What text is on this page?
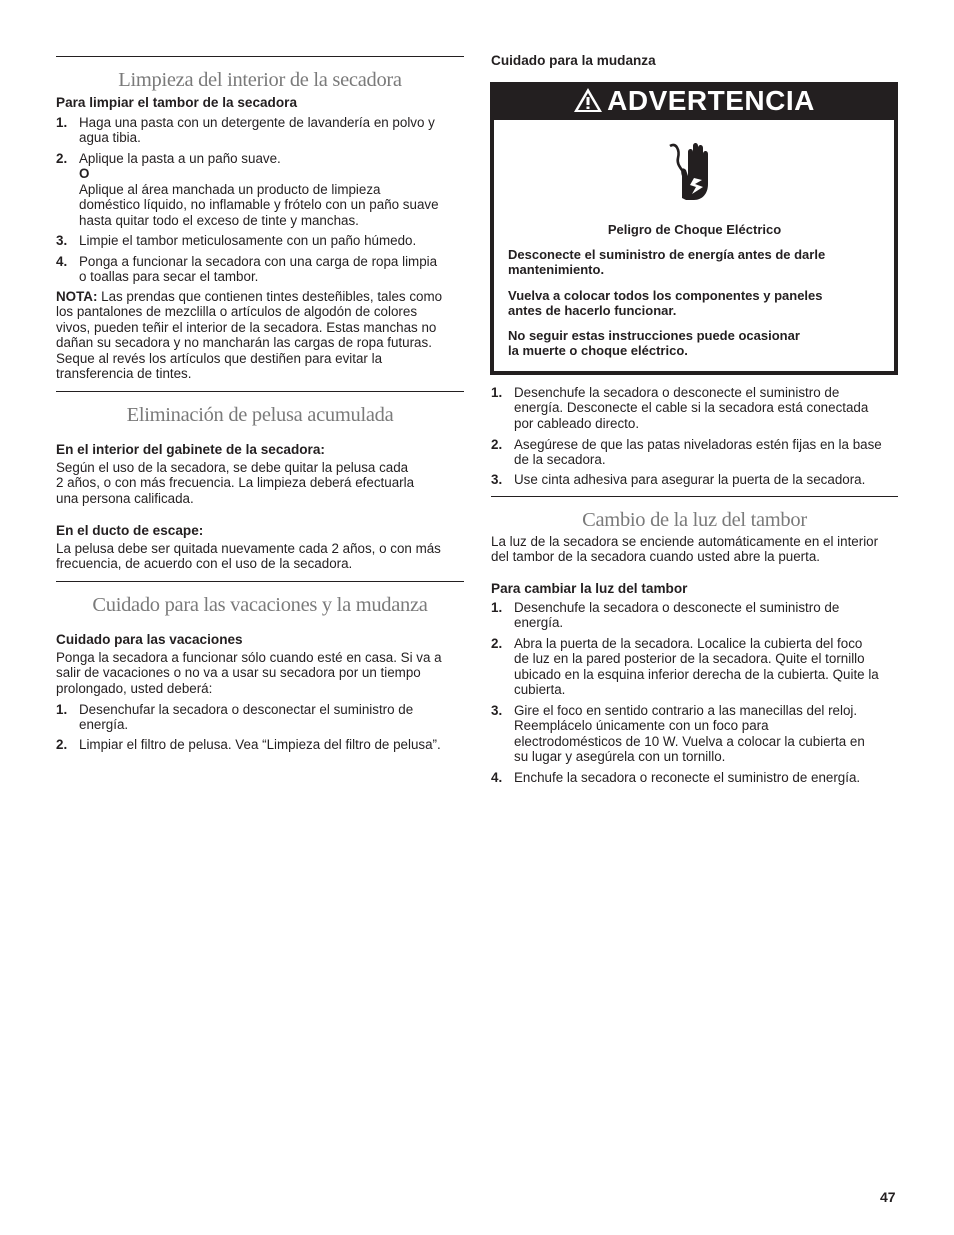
Limpieza del interior de la secadora
Para limpiar el tambor de la secadora
1. Haga una pasta con un detergente de lavandería en polvo y
agua tibia.
2. Aplique la pasta a un paño suave.
O
Aplique al área manchada un producto de limpieza
doméstico líquido, no inflamable y frótelo con un paño suave
hasta quitar todo el exceso de tinte y manchas.
3. Limpie el tambor meticulosamente con un paño húmedo.
4. Ponga a funcionar la secadora con una carga de ropa limpia
o toallas para secar el tambor.
NOTA: Las prendas que contienen tintes desteñibles, tales como
los pantalones de mezclilla o artículos de algodón de colores
vivos, pueden teñir el interior de la secadora. Estas manchas no
dañan su secadora y no mancharán las cargas de ropa futuras.
Seque al revés los artículos que destiñen para evitar la
transferencia de tintes.
Eliminación de pelusa acumulada
En el interior del gabinete de la secadora:
Según el uso de la secadora, se debe quitar la pelusa cada
2 años, o con más frecuencia. La limpieza deberá efectuarla
una persona calificada.
En el ducto de escape:
La pelusa debe ser quitada nuevamente cada 2 años, o con más
frecuencia, de acuerdo con el uso de la secadora.
Cuidado para las vacaciones y la mudanza
Cuidado para las vacaciones
Ponga la secadora a funcionar sólo cuando esté en casa. Si va a
salir de vacaciones o no va a usar su secadora por un tiempo
prolongado, usted deberá:
1. Desenchufar la secadora o desconectar el suministro de
energía.
2. Limpiar el filtro de pelusa. Vea “Limpieza del filtro de pelusa”.
Cuidado para la mudanza
ADVERTENCIA
Peligro de Choque Eléctrico
Desconecte el suministro de energía antes de darle
mantenimiento.
Vuelva a colocar todos los componentes y paneles
antes de hacerlo funcionar.
No seguir estas instrucciones puede ocasionar
la muerte o choque eléctrico.
1. Desenchufe la secadora o desconecte el suministro de
energía. Desconecte el cable si la secadora está conectada
por cableado directo.
2. Asegúrese de que las patas niveladoras estén fijas en la base
de la secadora.
3. Use cinta adhesiva para asegurar la puerta de la secadora.
Cambio de la luz del tambor
La luz de la secadora se enciende automáticamente en el interior
del tambor de la secadora cuando usted abre la puerta.
Para cambiar la luz del tambor
1. Desenchufe la secadora o desconecte el suministro de
energía.
2. Abra la puerta de la secadora. Localice la cubierta del foco
de luz en la pared posterior de la secadora. Quite el tornillo
ubicado en la esquina inferior derecha de la cubierta. Quite la
cubierta.
3. Gire el foco en sentido contrario a las manecillas del reloj.
Reemplácelo únicamente con un foco para
electrodomésticos de 10 W. Vuelva a colocar la cubierta en
su lugar y asegúrela con un tornillo.
4. Enchufe la secadora o reconecte el suministro de energía.
47
